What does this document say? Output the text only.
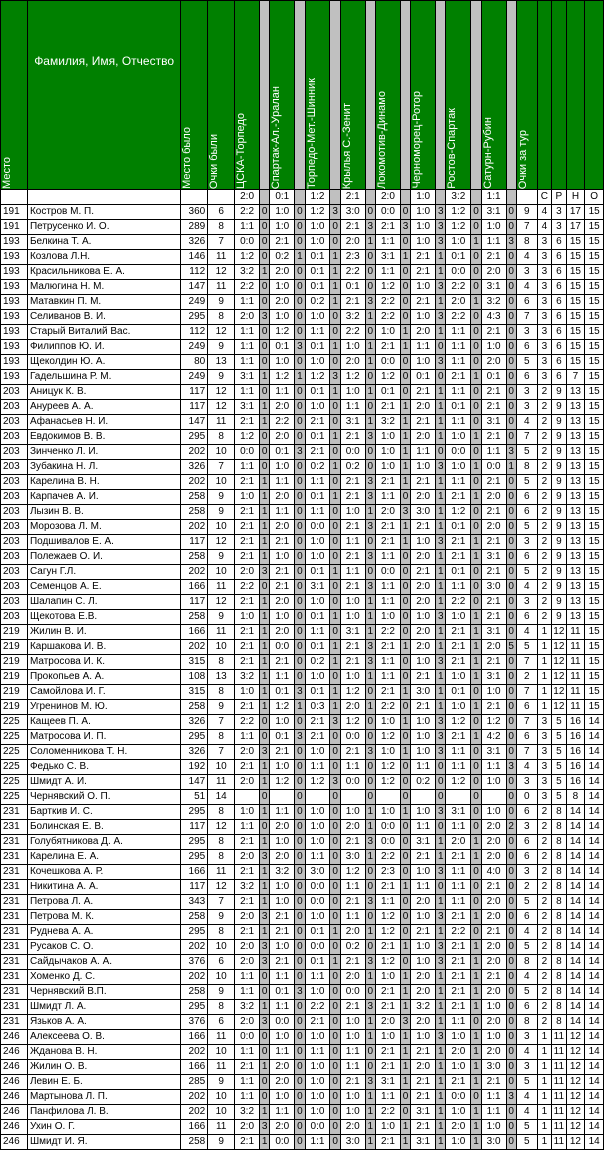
Место	Фамилия, Имя, Отчество	Место было	Очки были	ЦСКА-Торпедо		Спартак-Ал.-Уралан		Торпедо-Мет.-Шинник		Крылья С.-Зенит		Локомотив-Динамо		Черноморец-Ротор		Ростов-Спартак		Сатурн-Рубин		Очки за тур				

				2:0		0:1		1:2		2:1		2:0		1:0		3:2		1:1			С	Р	Н	О
191	Костров М. П.	360	6	2:2	0	1:0	0	1:2	3	3:0	0	0:0	0	1:0	3	1:2	0	3:1	0	9	4	3	17	15
191	Петрусенко И. О.	289	8	1:1	0	1:0	0	1:0	0	2:1	3	2:1	3	1:0	3	1:2	0	1:0	0	7	4	3	17	15
193	Белкина Т. А.	326	7	0:0	0	2:1	0	1:0	0	2:0	1	1:1	0	1:0	3	1:0	1	1:1	3	8	3	6	15	15
193	Козлова Л.Н.	146	11	1:2	0	0:2	1	0:1	1	2:3	0	3:1	1	2:1	1	0:1	0	2:1	0	4	3	6	15	15
193	Красильникова Е. А.	112	12	3:2	1	2:0	0	0:1	1	2:2	0	1:1	0	2:1	1	0:0	0	2:0	0	3	3	6	15	15
193	Малюгина Н. М.	147	11	2:2	0	1:0	0	0:1	1	0:1	0	1:2	0	1:0	3	2:2	0	3:1	0	4	3	6	15	15
193	Матавкин П. М.	249	9	1:1	0	2:0	0	0:2	1	2:1	3	2:2	0	2:1	1	2:0	1	3:2	0	6	3	6	15	15
193	Селиванов В. И.	295	8	2:0	3	1:0	0	1:0	0	3:2	1	2:2	0	1:0	3	2:2	0	4:3	0	7	3	6	15	15
193	Старый Виталий Вас.	112	12	1:1	0	1:2	0	1:1	0	2:2	0	1:0	1	2:0	1	1:1	0	2:1	0	3	3	6	15	15
193	Филиппов Ю. И.	249	9	1:1	0	0:1	3	0:1	1	1:0	1	2:1	1	1:1	0	1:1	0	1:0	0	6	3	6	15	15
193	Щеколдин Ю. А.	80	13	1:1	0	1:0	0	1:0	0	2:0	1	0:0	0	1:0	3	1:1	0	2:0	0	5	3	6	15	15
193	Гадельшина Р. М.	249	9	3:1	1	1:2	1	1:2	3	1:2	0	1:2	0	0:1	0	2:1	1	0:1	0	6	3	6	7	15
203	Аницук К. В.	117	12	1:1	0	1:1	0	0:1	1	1:0	1	0:1	0	2:1	1	1:1	0	2:1	0	3	2	9	13	15
203	Ануреев А. А.	117	12	3:1	1	2:0	0	1:0	0	1:1	0	2:1	1	2:0	1	0:1	0	2:1	0	3	2	9	13	15
203	Афанасьев Н. И.	147	11	2:1	1	2:2	0	2:1	0	3:1	1	3:2	1	2:1	1	1:1	0	3:1	0	4	2	9	13	15
203	Евдокимов В. В.	295	8	1:2	0	2:0	0	0:1	1	2:1	3	1:0	1	2:0	1	1:0	1	2:1	0	7	2	9	13	15
203	Зинченко Л. И.	202	10	0:0	0	0:1	3	2:1	0	0:0	0	1:0	1	1:1	0	0:0	0	1:1	3	5	2	9	13	15
203	Зубакина Н. Л.	326	7	1:1	0	1:0	0	0:2	1	0:2	0	1:0	1	1:0	3	1:0	1	0:0	1	8	2	9	13	15
203	Карелина В. Н.	202	10	2:1	1	1:1	0	1:1	0	2:1	3	2:1	1	2:1	1	1:1	0	2:1	0	5	2	9	13	15
203	Карпачев А. И.	258	9	1:0	1	2:0	0	0:1	1	2:1	3	1:1	0	2:0	1	2:1	1	2:0	0	6	2	9	13	15
203	Лызин В. В.	258	9	2:1	1	1:1	0	1:1	0	1:0	1	2:0	3	3:0	1	1:2	0	2:1	0	6	2	9	13	15
203	Морозова Л. М.	202	10	2:1	1	2:0	0	0:0	0	2:1	3	2:1	1	2:1	1	0:1	0	2:0	0	5	2	9	13	15
203	Подшивалов Е. А.	117	12	2:1	1	2:1	0	1:0	0	1:1	0	2:1	1	1:0	3	2:1	1	2:1	0	3	2	9	13	15
203	Полежаев О. И.	258	9	2:1	1	1:0	0	1:0	0	2:1	3	1:1	0	2:0	1	2:1	1	3:1	0	6	2	9	13	15
203	Сагун Г.Л.	202	10	2:0	3	2:1	0	0:1	1	1:1	0	0:0	0	2:1	1	0:1	0	2:1	0	5	2	9	13	15
203	Семенцов А. Е.	166	11	2:2	0	2:1	0	3:1	0	2:1	3	1:1	0	2:0	1	1:1	0	3:0	0	4	2	9	13	15
203	Шалапин С. Л.	117	12	2:1	1	2:0	0	1:0	0	1:0	1	1:1	0	2:0	1	2:2	0	2:1	0	3	2	9	13	15
203	Щекотова Е.В.	258	9	1:0	1	1:0	0	0:1	1	1:0	1	1:0	0	1:0	3	1:0	1	2:1	0	6	2	9	13	15
219	Жилин В. И.	166	11	2:1	1	2:0	0	1:1	0	3:1	1	2:2	0	2:0	1	2:1	1	3:1	0	4	1	12	11	15
219	Каршакова И. В.	202	10	2:1	1	0:0	0	0:1	1	2:1	3	2:1	1	2:0	1	2:1	1	2:0	5	5	1	12	11	15
219	Матросова И. К.	315	8	2:1	1	2:1	0	0:2	1	2:1	3	1:1	0	1:0	3	2:1	1	2:1	0	7	1	12	11	15
219	Прокопьев А. А.	108	13	3:2	1	1:1	0	1:0	0	1:0	1	1:1	0	2:1	1	1:0	1	3:1	0	2	1	12	11	15
219	Самойлова И. Г.	315	8	1:0	1	0:1	3	0:1	1	1:2	0	2:1	1	3:0	1	0:1	0	1:0	0	7	1	12	11	15
219	Угренинов М. Ю.	258	9	2:1	1	1:2	1	0:3	1	2:0	1	2:2	0	2:1	1	1:0	1	2:1	0	6	1	12	11	15
225	Кащеев П. А.	326	7	2:2	0	1:0	0	2:1	3	1:2	0	1:0	1	1:0	3	1:2	0	1:2	0	7	3	5	16	14
225	Матросова И. П.	295	8	1:1	0	0:1	3	2:1	0	0:0	0	1:2	0	1:0	3	2:1	1	4:2	0	6	3	5	16	14
225	Соломенникова Т. Н.	326	7	2:0	3	2:1	0	1:0	0	2:1	3	1:0	1	1:0	3	1:1	0	3:1	0	7	3	5	16	14
225	Федько С. В.	192	10	2:1	1	1:0	0	1:1	0	1:1	0	1:2	0	1:1	0	1:1	0	1:1	3	4	3	5	16	14
225	Шмидт А. И.	147	11	2:0	1	1:2	0	1:2	3	0:0	0	1:2	0	0:2	0	1:2	0	1:0	0	3	3	5	16	14
225	Чернявский О. П.	51	14		0		0		0		0		0		0		0		0	0	3	5	8	14
231	Барткив И. С.	295	8	1:0	1	1:1	0	1:0	0	1:0	1	1:0	1	1:0	3	3:1	0	1:0	0	6	2	8	14	14
231	Болинская Е. В.	117	12	1:1	0	2:0	0	1:0	0	2:0	1	0:0	0	1:1	0	1:1	0	2:0	2	3	2	8	14	14
231	Голубятникова Д. А.	295	8	2:1	1	1:0	0	1:0	0	2:1	3	0:0	0	3:1	1	2:0	1	2:0	0	6	2	8	14	14
231	Карелина Е. А.	295	8	2:0	3	2:0	0	1:1	0	3:0	1	2:2	0	2:1	1	2:1	1	2:0	0	6	2	8	14	14
231	Кочешкова А. Р.	166	11	2:1	1	3:2	0	3:0	0	1:2	0	2:3	0	1:0	3	1:1	0	4:0	0	3	2	8	14	14
231	Никитина А. А.	117	12	3:2	1	1:0	0	0:0	0	1:1	0	2:1	1	1:1	0	1:1	0	2:1	0	2	2	8	14	14
231	Петрова Л. А.	343	7	2:1	1	1:0	0	0:0	0	2:1	3	1:1	0	2:0	1	1:1	0	2:0	0	5	2	8	14	14
231	Петрова М. К.	258	9	2:0	3	2:1	0	1:0	0	1:1	0	1:2	0	1:0	3	2:1	1	2:0	0	6	2	8	14	14
231	Руднева А. А.	295	8	2:1	1	2:1	0	0:1	1	2:0	1	1:2	0	2:1	1	2:2	0	2:1	0	4	2	8	14	14
231	Русаков С. О.	202	10	2:0	3	1:0	0	0:0	0	0:2	0	2:1	1	1:0	3	2:1	1	2:0	0	5	2	8	14	14
231	Сайдычаков А. А.	376	6	2:0	3	2:1	0	0:1	1	2:1	3	1:2	0	1:0	3	2:1	1	2:0	0	8	2	8	14	14
231	Хоменко Д. С.	202	10	1:1	0	1:1	0	1:1	0	2:0	1	1:0	1	2:0	1	2:1	1	2:1	0	4	2	8	14	14
231	Чернявский В.П.	258	9	1:1	0	0:1	3	1:0	0	0:0	0	2:1	1	2:0	1	2:1	1	2:0	0	5	2	8	14	14
231	Шмидт Л. А.	295	8	3:2	1	1:1	0	2:2	0	2:1	3	2:1	1	3:2	1	2:1	1	1:0	0	6	2	8	14	14
231	Язьков А. А.	376	6	2:0	3	0:0	0	2:1	0	1:0	1	2:0	3	2:0	1	1:1	0	2:0	0	8	2	8	14	14
246	Алексеева О. В.	166	11	0:0	0	1:0	0	1:0	0	1:0	1	1:0	1	1:0	3	1:0	1	1:0	0	3	1	11	12	14
246	Жданова В. Н.	202	10	1:1	0	1:1	0	1:1	0	1:1	0	2:1	1	2:1	1	2:0	1	2:0	0	4	1	11	12	14
246	Жилин О. В.	166	11	2:1	1	2:0	0	1:0	0	1:1	0	2:1	1	2:0	1	1:0	1	3:0	0	3	1	11	12	14
246	Левин Е. Б.	285	9	1:1	0	2:0	0	1:0	0	2:1	3	3:1	1	2:1	1	2:1	1	2:1	0	5	1	11	12	14
246	Мартынова Л. П.	202	10	1:1	0	1:0	0	1:0	0	1:0	1	1:1	0	2:1	1	0:0	0	1:1	3	4	1	11	12	14
246	Панфилова Л. В.	202	10	3:2	1	1:1	0	1:0	0	1:0	1	2:2	0	3:1	1	1:0	1	1:1	0	4	1	11	12	14
246	Ухин О. Г.	166	11	2:0	3	2:0	0	0:0	0	2:0	1	1:0	1	2:1	1	2:0	1	1:0	0	5	1	11	12	14
246	Шмидт И. Я.	258	9	2:1	1	0:0	0	1:1	0	3:0	1	2:1	1	3:1	1	1:0	1	3:0	0	5	1	11	12	14
